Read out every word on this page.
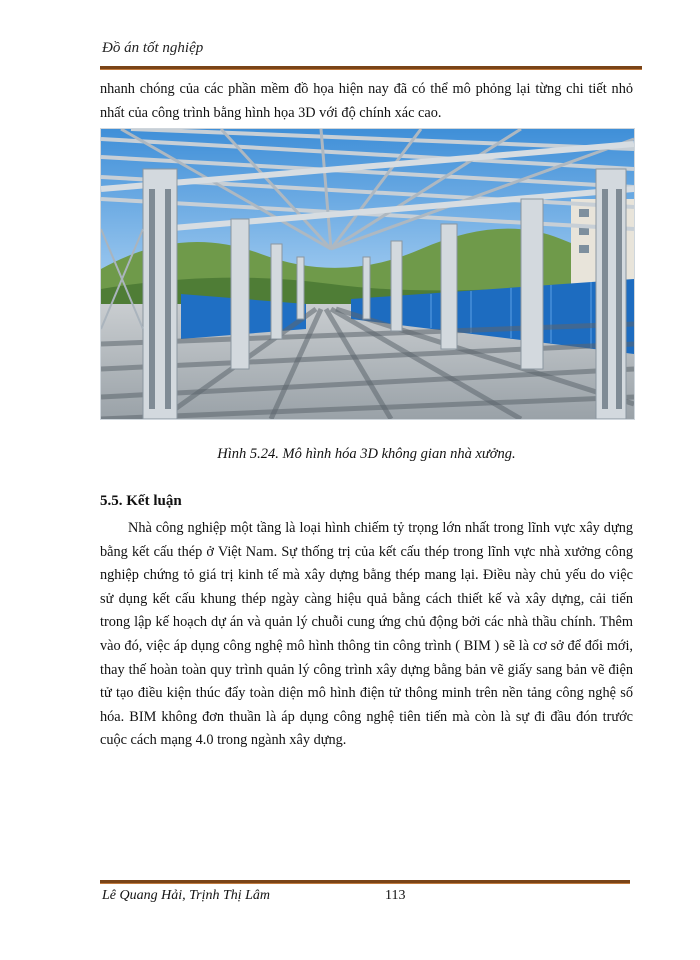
Đồ án tốt nghiệp
nhanh chóng của các phần mềm đồ họa hiện nay đã có thể mô phỏng lại từng chi tiết nhỏ nhất của công trình bằng hình họa 3D với độ chính xác cao.
Hình 5.24. Mô hình hóa 3D không gian nhà xưởng.
5.5. Kết luận
Nhà công nghiệp một tầng là loại hình chiếm tỷ trọng lớn nhất trong lĩnh vực xây dựng bằng kết cấu thép ở Việt Nam. Sự thống trị của kết cấu thép trong lĩnh vực nhà xưởng công nghiệp chứng tỏ giá trị kinh tế mà xây dựng bằng thép mang lại. Điều này chủ yếu do việc sử dụng kết cấu khung thép ngày càng hiệu quả bằng cách thiết kế và xây dựng, cải tiến trong lập kế hoạch dự án và quản lý chuỗi cung ứng chủ động bởi các nhà thầu chính. Thêm vào đó, việc áp dụng công nghệ mô hình thông tin công trình ( BIM ) sẽ là cơ sở để đổi mới, thay thế hoàn toàn quy trình quản lý công trình xây dựng bằng bản vẽ giấy sang bản vẽ điện tử tạo điều kiện thúc đẩy toàn diện mô hình điện tử thông minh trên nền tảng công nghệ số hóa. BIM không đơn thuần là áp dụng công nghệ tiên tiến mà còn là sự đi đầu đón trước cuộc cách mạng 4.0 trong ngành xây dựng.
Lê Quang Hải, Trịnh Thị Lâm	113
